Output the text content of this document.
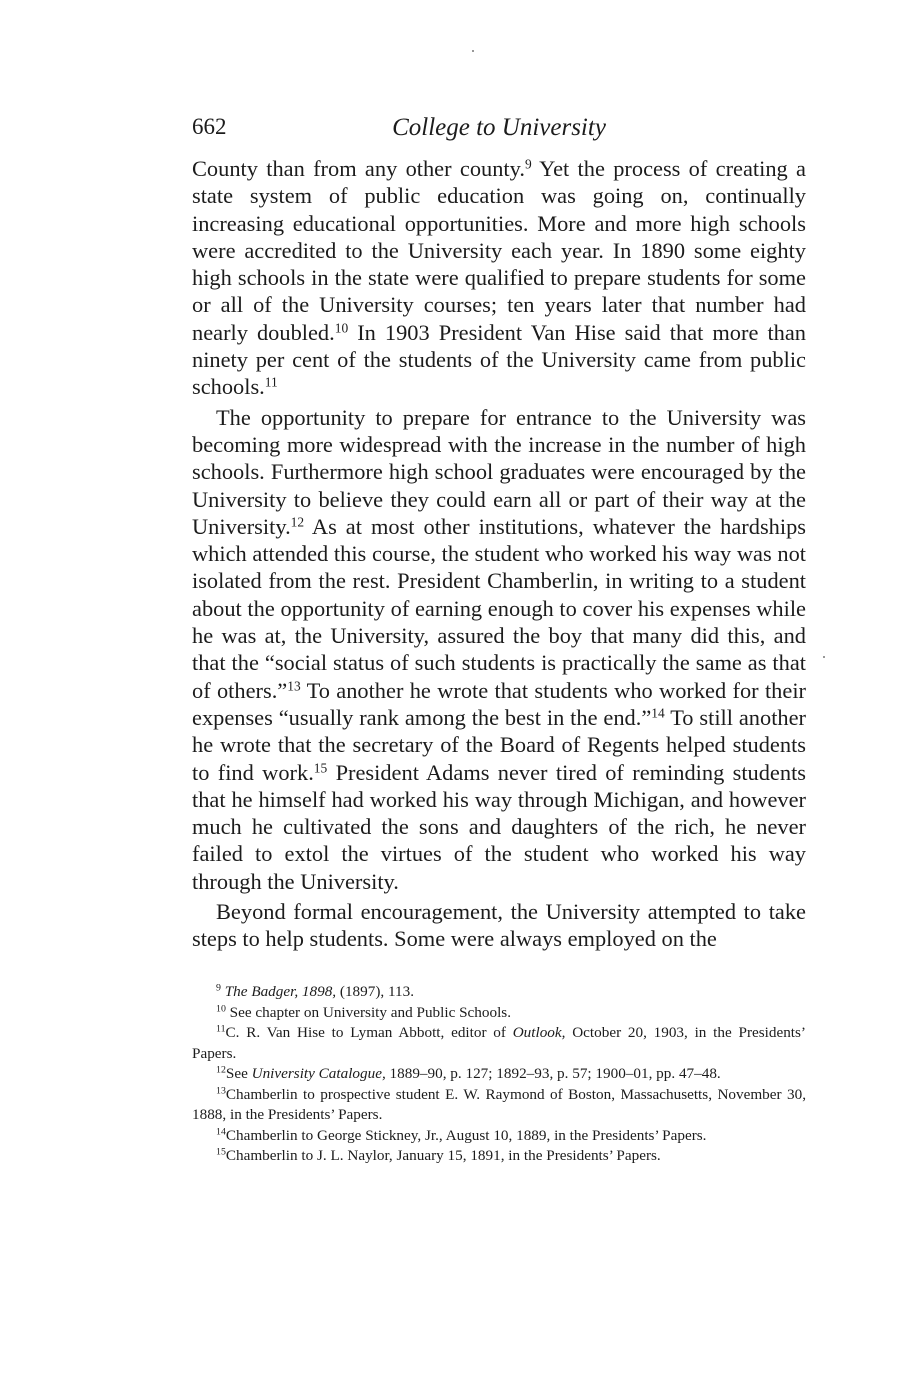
662	College to University

County than from any other county.$^9$ Yet the process of creating a state system of public education was going on, continually increasing educational opportunities. More and more high schools were accredited to the University each year. In 1890 some eighty high schools in the state were qualified to prepare students for some or all of the University courses; ten years later that number had nearly doubled.$^{10}$ In 1903 President Van Hise said that more than ninety per cent of the students of the University came from public schools.$^{11}$

The opportunity to prepare for entrance to the University was becoming more widespread with the increase in the number of high schools. Furthermore high school graduates were encouraged by the University to believe they could earn all or part of their way at the University.$^{12}$ As at most other institutions, whatever the hardships which attended this course, the student who worked his way was not isolated from the rest. President Chamberlin, in writing to a student about the opportunity of earning enough to cover his expenses while he was at, the University, assured the boy that many did this, and that the “social status of such students is practically the same as that of others.”$^{13}$ To another he wrote that students who worked for their expenses “usually rank among the best in the end.”$^{14}$ To still another he wrote that the secretary of the Board of Regents helped students to find work.$^{15}$ President Adams never tired of reminding students that he himself had worked his way through Michigan, and however much he cultivated the sons and daughters of the rich, he never failed to extol the virtues of the student who worked his way through the University.

Beyond formal encouragement, the University attempted to take steps to help students. Some were always employed on the

$^9$ The Badger, 1898, (1897), 113.

$^{10}$ See chapter on University and Public Schools.

$^{11}$C. R. Van Hise to Lyman Abbott, editor of Outlook, October 20, 1903, in the Presidents’ Papers.

$^{12}$See University Catalogue, 1889–90, p. 127; 1892–93, p. 57; 1900–01, pp. 47–48.

$^{13}$Chamberlin to prospective student E. W. Raymond of Boston, Massachusetts, November 30, 1888, in the Presidents’ Papers.

$^{14}$Chamberlin to George Stickney, Jr., August 10, 1889, in the Presidents’ Papers.

$^{15}$Chamberlin to J. L. Naylor, January 15, 1891, in the Presidents’ Papers.
